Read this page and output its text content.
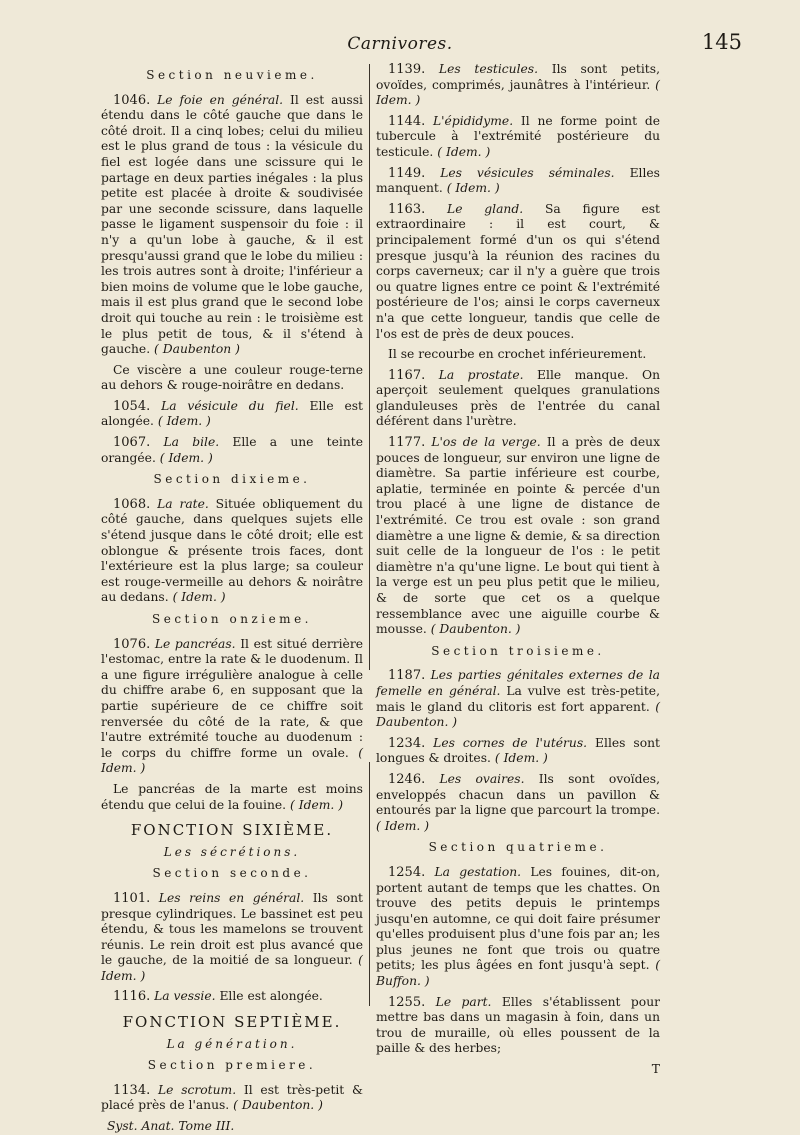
Carnivores.	145
Section neuvieme.

1046. Le foie en général. Il est aussi étendu dans le côté gauche que dans le côté droit. Il a cinq lobes; celui du milieu est le plus grand de tous : la vésicule du fiel est logée dans une scissure qui le partage en deux parties inégales : la plus petite est placée à droite & soudivisée par une seconde scissure, dans laquelle passe le ligament suspensoir du foie : il n'y a qu'un lobe à gauche, & il est presqu'aussi grand que le lobe du milieu : les trois autres sont à droite; l'inférieur a bien moins de volume que le lobe gauche, mais il est plus grand que le second lobe droit qui touche au rein : le troisième est le plus petit de tous, & il s'étend à gauche. ( Daubenton )

Ce viscère a une couleur rouge-terne au dehors & rouge-noirâtre en dedans.

1054. La vésicule du fiel. Elle est alongée. ( Idem. )

1067. La bile. Elle a une teinte orangée. ( Idem. )

Section dixieme.

1068. La rate. Située obliquement du côté gauche, dans quelques sujets elle s'étend jusque dans le côté droit; elle est oblongue & présente trois faces, dont l'extérieure est la plus large; sa couleur est rouge-vermeille au dehors & noirâtre au dedans. ( Idem. )

Section onzieme.

1076. Le pancréas. Il est situé derrière l'estomac, entre la rate & le duodenum. Il a une figure irrégulière analogue à celle du chiffre arabe 6, en supposant que la partie supérieure de ce chiffre soit renversée du côté de la rate, & que l'autre extrémité touche au duodenum : le corps du chiffre forme un ovale. ( Idem. )

Le pancréas de la marte est moins étendu que celui de la fouine. ( Idem. )

FONCTION SIXIÈME.
Les sécrétions.
Section seconde.

1101. Les reins en général. Ils sont presque cylindriques. Le bassinet est peu étendu, & tous les mamelons se trouvent réunis. Le rein droit est plus avancé que le gauche, de la moitié de sa longueur. ( Idem. )

1116. La vessie. Elle est alongée.

FONCTION SEPTIÈME.
La génération.
Section premiere.

1134. Le scrotum. Il est très-petit & placé près de l'anus. ( Daubenton. )

Syst. Anat. Tome III.

1139. Les testicules. Ils sont petits, ovoïdes, comprimés, jaunâtres à l'intérieur. ( Idem. )

1144. L'épididyme. Il ne forme point de tubercule à l'extrémité postérieure du testicule. ( Idem. )

1149. Les vésicules séminales. Elles manquent. ( Idem. )

1163. Le gland. Sa figure est extraordinaire : il est court, & principalement formé d'un os qui s'étend presque jusqu'à la réunion des racines du corps caverneux; car il n'y a guère que trois ou quatre lignes entre ce point & l'extrémité postérieure de l'os; ainsi le corps caverneux n'a que cette longueur, tandis que celle de l'os est de près de deux pouces.

Il se recourbe en crochet inférieurement.

1167. La prostate. Elle manque. On aperçoit seulement quelques granulations glanduleuses près de l'entrée du canal déférent dans l'urètre.

1177. L'os de la verge. Il a près de deux pouces de longueur, sur environ une ligne de diamètre. Sa partie inférieure est courbe, aplatie, terminée en pointe & percée d'un trou placé à une ligne de distance de l'extrémité. Ce trou est ovale : son grand diamètre a une ligne & demie, & sa direction suit celle de la longueur de l'os : le petit diamètre n'a qu'une ligne. Le bout qui tient à la verge est un peu plus petit que le milieu, & de sorte que cet os a quelque ressemblance avec une aiguille courbe & mousse. ( Daubenton. )

Section troisieme.

1187. Les parties génitales externes de la femelle en général. La vulve est très-petite, mais le gland du clitoris est fort apparent. ( Daubenton. )

1234. Les cornes de l'utérus. Elles sont longues & droites. ( Idem. )

1246. Les ovaires. Ils sont ovoïdes, enveloppés chacun dans un pavillon & entourés par la ligne que parcourt la trompe. ( Idem. )

Section quatrieme.

1254. La gestation. Les fouines, dit-on, portent autant de temps que les chattes. On trouve des petits depuis le printemps jusqu'en automne, ce qui doit faire présumer qu'elles produisent plus d'une fois par an; les plus jeunes ne font que trois ou quatre petits; les plus âgées en font jusqu'à sept. ( Buffon. )

1255. Le part. Elles s'établissent pour mettre bas dans un magasin à foin, dans un trou de muraille, où elles poussent de la paille & des herbes;

T
